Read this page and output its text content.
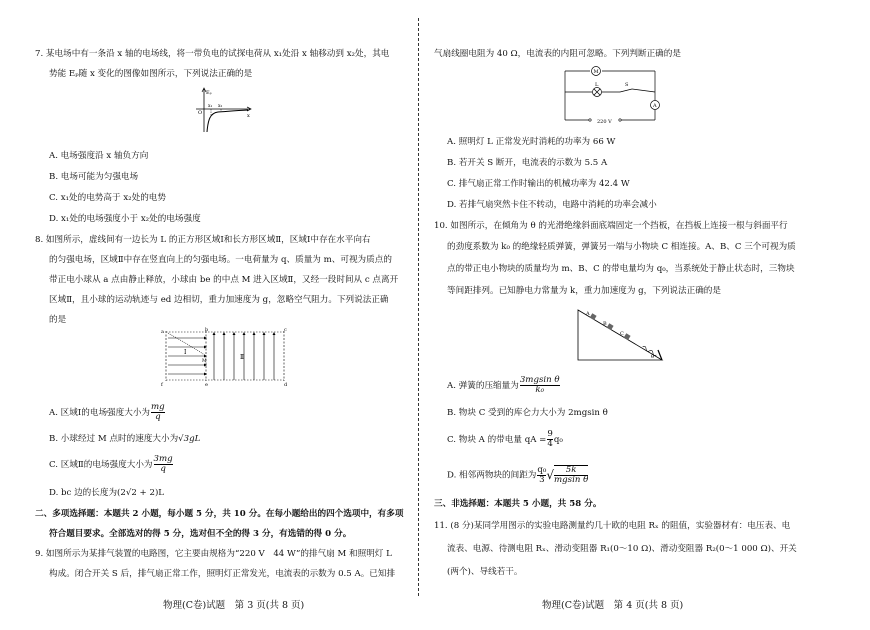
7. 某电场中有一条沿 x 轴的电场线，将一带负电的试探电荷从 x₁处沿 x 轴移动到 x₂处，其电
势能 Eₚ随 x 变化的图像如图所示，下列说法正确的是
Eₚ
O
x₁ x₂
x
A. 电场强度沿 x 轴负方向
B. 电场可能为匀强电场
C. x₁处的电势高于 x₂处的电势
D. x₁处的电场强度小于 x₂处的电场强度
8. 如图所示，虚线间有一边长为 L 的正方形区域Ⅰ和长方形区域Ⅱ，区域Ⅰ中存在水平向右
的匀强电场，区域Ⅱ中存在竖直向上的匀强电场。一电荷量为 q、质量为 m、可视为质点的
带正电小球从 a 点由静止释放，小球由 be 的中点 M 进入区域Ⅱ，又经一段时间从 c 点离开
区域Ⅱ，且小球的运动轨迹与 ed 边相切，重力加速度为 g，忽略空气阻力。下列说法正确
的是
a	b	c
d
e
f
Ⅰ
Ⅱ
M
A. 区域Ⅰ的电场强度大小为 $\frac{mg}{q}$
B. 小球经过 M 点时的速度大小为√3gL
C. 区域Ⅱ的电场强度大小为 $\frac{3mg}{q}$
D. bc 边的长度为(2√2 + 2)L
二、多项选择题：本题共 2 小题，每小题 5 分，共 10 分。在每小题给出的四个选项中，有多项
符合题目要求。全部选对的得 5 分，选对但不全的得 3 分，有选错的得 0 分。
9. 如图所示为某排气装置的电路图，它主要由规格为“220 V　44 W”的排气扇 M 和照明灯 L
构成。闭合开关 S 后，排气扇正常工作，照明灯正常发光，电流表的示数为 0.5 A。已知排
物理(C卷)试题　第 3 页(共 8 页)
气扇线圈电阻为 40 Ω，电流表的内阻可忽略。下列判断正确的是
M
L	S
A
220 V
A. 照明灯 L 正常发光时消耗的功率为 66 W
B. 若开关 S 断开，电流表的示数为 5.5 A
C. 排气扇正常工作时输出的机械功率为 42.4 W
D. 若排气扇突然卡住不转动，电路中消耗的功率会减小
10. 如图所示，在倾角为 θ 的光滑绝缘斜面底端固定一个挡板，在挡板上连接一根与斜面平行
的劲度系数为 k₀ 的绝缘轻质弹簧，弹簧另一端与小物块 C 相连接。A、B、C 三个可视为质
点的带正电小物块的质量均为 m、B、C 的带电量均为 q₀，当系统处于静止状态时，三物块
等间距排列。已知静电力常量为 k，重力加速度为 g，下列说法正确的是
A
B
C
θ
A. 弹簧的压缩量为 $\frac{\text{3mgsin θ}}{\text{k₀}}$
B. 物块 C 受到的库仑力大小为 2mgsin θ
C. 物块 A 的带电量 qA = $\frac{9}{4} q_0$
D. 相邻两物块的间距为 $\frac{\text{q₀}}{3}$ √ $\frac{5k}{\text{mgsin θ}}$
三、非选择题：本题共 5 小题，共 58 分。
11. (8 分)某同学用图示的实验电路测量约几十欧的电阻 Rₓ 的阻值，实验器材有：电压表、电
流表、电源、待测电阻 Rₓ、滑动变阻器 R₁(0～10 Ω)、滑动变阻器 R₂(0～1 000 Ω)、开关
(两个)、导线若干。
物理(C卷)试题　第 4 页(共 8 页)
